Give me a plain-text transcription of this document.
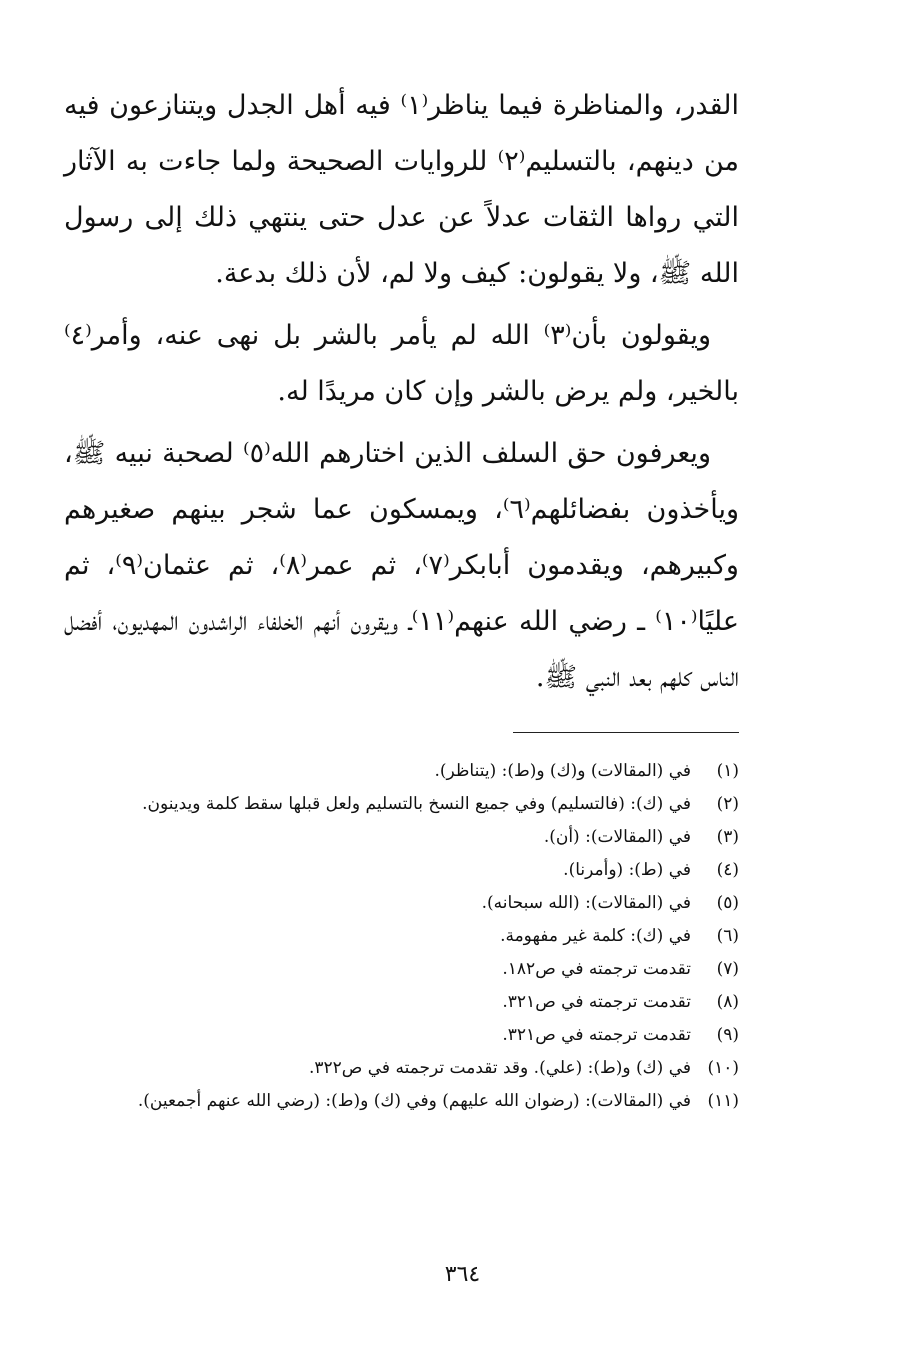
القدر، والمناظرة فيما يناظر⁽١⁾ فيه أهل الجدل ويتنازعون فيه من دينهم، بالتسليم⁽٢⁾ للروايات الصحيحة ولما جاءت به الآثار التي رواها الثقات عدلاً عن عدل حتى ينتهي ذلك إلى رسول الله ﷺ، ولا يقولون: كيف ولا لم، لأن ذلك بدعة.

ويقولون بأن⁽٣⁾ الله لم يأمر بالشر بل نهى عنه، وأمر⁽٤⁾ بالخير، ولم يرض بالشر وإن كان مريدًا له.

ويعرفون حق السلف الذين اختارهم الله⁽٥⁾ لصحبة نبيه ﷺ، ويأخذون بفضائلهم⁽٦⁾، ويمسكون عما شجر بينهم صغيرهم وكبيرهم، ويقدمون أبابكر⁽٧⁾، ثم عمر⁽٨⁾، ثم عثمان⁽٩⁾، ثم عليًا⁽١٠⁾ ـ رضي الله عنهم⁽١١⁾ـ ويقرون أنهم الخلفاء الراشدون المهديون، أفضل الناس كلهم بعد النبي ﷺ.

(١)
في (المقالات) و(ك) و(ط): (يتناظر).
(٢)
في (ك): (فالتسليم) وفي جميع النسخ بالتسليم ولعل قبلها سقط كلمة ويدينون.
(٣)
في (المقالات): (أن).
(٤)
في (ط): (وأمرنا).
(٥)
في (المقالات): (الله سبحانه).
(٦)
في (ك): كلمة غير مفهومة.
(٧)
تقدمت ترجمته في ص١٨٢.
(٨)
تقدمت ترجمته في ص٣٢١.
(٩)
تقدمت ترجمته في ص٣٢١.
(١٠)
في (ك) و(ط): (علي). وقد تقدمت ترجمته في ص٣٢٢.
(١١)
في (المقالات): (رضوان الله عليهم) وفي (ك) و(ط): (رضي الله عنهم أجمعين).
٣٦٤
